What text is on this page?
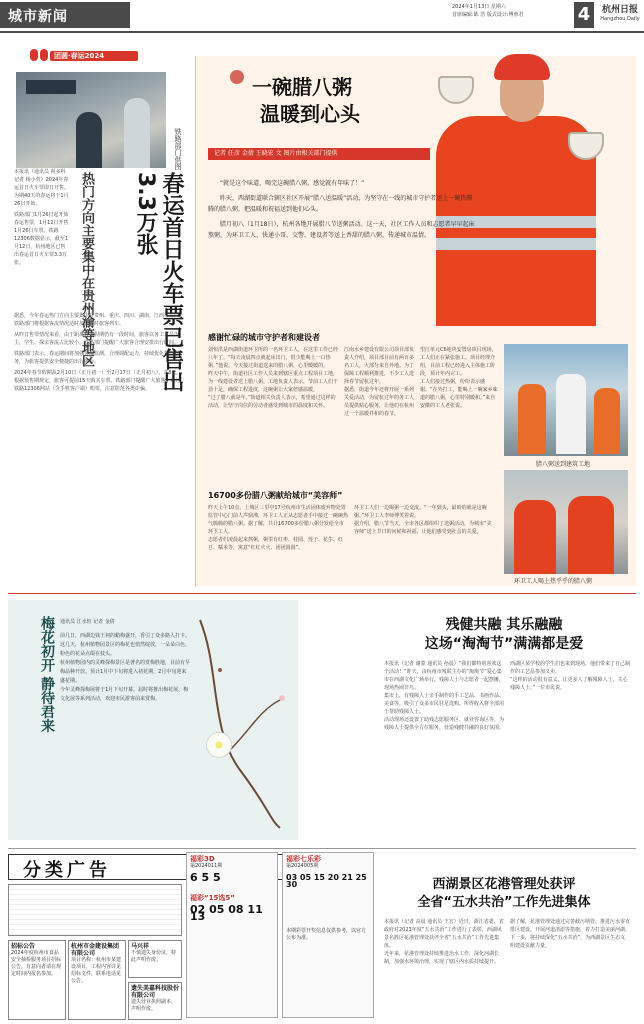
城市新闻
2024年1月13日 星期六
首席编辑:陈 浩 版式设计:傅蓉君	4	杭州日报
Hangzhou Daily
团圆·春运2024
铁路部门供图
春运首日火车票已售出3.3万张
热门方向主要集中在贵州渝等地区

本报讯（通讯员 祝多科 记者 杨小萱）2024年春运首日火车票即日开售。为期40天的春运将于1月26日开始。

铁路部门1月26日起开始春运售票，1月12日开售1月26日车票。铁路12306数据显示，截至1月12日，杭州地区已售出春运首日火车票3.3万张。

据悉，今年春运热门方向主要集中在贵州、重庆、四川、湖南、江西等方向，铁路部门将根据客流情况适时加开临时旅客列车。

从昨日售票情况来看，由于距离春节假期仍有一段时间，旅客以务工人员为主，学生、探亲客流占比较小。铁路部门提醒广大旅客合理安排出行时间。

铁路部门表示，春运期间将加强客流监测，合理调配运力，持续优化售票服务，为旅客提供安全便捷的出行体验。

2024年春节假期从2月10日（正月初一）至2月17日（正月初八），共8天。根据预售期规定，旅客可提前15天购买车票。铁路部门提醒广大旅客，通过铁路12306网站（含手机客户端）购票，注意防范各类诈骗。

一碗腊八粥
温暖到心头
记者 任彦 金倩 王晓宏 文 图片由相关部门提供

“就是这个味道，喝完这碗腊八粥，感觉就有年味了！”

昨天，西湖街道联合辖区社区开展“腊八送温暖”活动，为坚守在一线的城市守护者送上一碗热腾腾的腊八粥，把温暖和祝福送到他们心头。

腊月初八（1月18日），杭州各地开展腊八节送粥活动。这一天，社区工作人员和志愿者早早起床熬粥，为环卫工人、快递小哥、交警、建设者等送上香甜的腊八粥，传递城市温情。

感谢忙碌的城市守护者和建设者

刘恒洪是西湖街道环卫所的一名环卫工人，在这里工作已经八年了。“每天凌晨四点就起床出门，很少能喝上一口热粥。”他说，今天接过街道送来的腊八粥，心里暖暖的。

昨天中午，街道社区工作人员来到辖区重点工程项目工地，为一线建设者送上腊八粥。工地负责人表示，节前工人们干劲十足，确保工程进度，这碗粥让大家倍感温暖。

“过了腊八就是年。”街道相关负责人表示，希望通过这样的活动，让坚守岗位的劳动者感受到城市的温度和关怀。

江南水乡建设有限公司项目部负责人介绍，项目部目前有两百多名工人，大部分来自外地。为了保障工程顺利推进，不少工人选择春节留杭过年。

据悉，街道今年还将开展一系列关爱活动，为留杭过年的务工人员提供贴心服务，让他们在杭州过一个温暖祥和的春节。

望江单元C6地块安置房项目现场，工人们正在紧张施工。项目经理介绍，目前工程已经进入主体施工阶段，预计年内完工。

工人们接过热粥，纷纷表示感谢。“在外打工，能喝上一碗家乡味道的腊八粥，心里特别暖和。”来自安徽的工人老张说。

16700多份腊八粥献给城市“美容师”

昨天上午10点，上城区三里亭17号杭州市生活固体废弃物处置监管中心门前人声鼎沸，环卫工人正从志愿者手中接过一碗碗热气腾腾的腊八粥。据了解，共计16700多份腊八粥分发给全市环卫工人。

志愿者们凌晨起来熬粥，粥里有红枣、桂圆、莲子、花生、红豆、糯米等，寓意“红红火火、团团圆圆”。

环卫工人们一边喝粥一边交流。“一年到头，最盼的就是这碗粥。”环卫工人李师傅笑着说。

据介绍，腊八节当天，全市各区都组织了送粥活动，为城市“美容师”送上节日的问候和祝福，让他们感受到社会的关爱。

腊八粥送到建筑工地
环卫工人喝上热乎乎的腊八粥
梅花初开 静待君来 通讯员 江水恒 记者 金倩

前几日，西湖边钱王祠的蜡梅盛开，香引了众多路人打卡。这几天，杭州植物园景区的梅花也悄然绽放，一朵朵白色、粉色的花朵点缀在枝头。

杭州植物园内的灵峰探梅景区是著名的赏梅胜地，目前有早梅品种开放。预计1月中下旬将进入初花期，2月中旬迎来盛花期。

今年灵峰探梅展将于1月下旬开幕，届时将推出梅花展、梅文化展等系列活动，欢迎市民游客前来赏梅。

残健共融 其乐融融
这场“淘淘节”满满都是爱

本报讯（记者 谢蒙 通讯员 孙晨）“我们都特别喜欢这个活动！”昨天，由杭州市残联主办的“淘淘节”爱心集市在西湖文化广场举行，残障人士与志愿者一起摆摊，现场热闹非凡。

集市上，有残障人士亲手制作的手工艺品、书画作品、美食等，吸引了众多市民驻足选购。所得收入将全部用于帮助残障人士。

活动现场还设置了助残志愿服务区、就业咨询区等，为残障人士提供全方位服务，营造残健共融的良好氛围。

西湖区某学校的学生们也来到现场，他们带来了自己制作的工艺品参加义卖。

“这样的活动很有意义，让更多人了解残障人士，关心残障人士。”一位市民说。

分类广告
招标公告
2024年度杭州市食品安全抽检服务项目招标公告，有意向者请在规定时间内报名参加。
杭州市金建设集团有限公司
项目名称：杭州市某建设项目，工程内容详见招标文件，联系电话见公告。
马兴祥
不慎遗失身份证，特此声明作废。
遗失美嘉科技股份有限公司
遗失营业执照副本，声明作废。
福彩3D
第2024011期
6 5 5
福彩“15选5”
02 05 08 11 13
福彩七乐彩
第2024005期
03 05 15 20 21 25 30
本期彩票开奖信息仅供参考，以官方公布为准。
西湖景区花港管理处获评
全省“五水共治”工作先进集体

本报讯（记者 高晨 通讯员 王宏）近日，浙江省委、省政府对2023年度“五水共治”工作进行了表彰，西湖风景名胜区花港管理处获评全省“五水共治”工作先进集体。

近年来，花港管理处持续推进治水工作，深化河湖长制，加强水环境治理，实现了辖区内水质持续提升。

据了解，花港管理处通过完善截污纳管、推进污水零直排区建设、开展河道清淤等措施，着力打造美丽河湖。

下一步，将持续深化“五水共治”，为西湖景区生态文明建设贡献力量。
